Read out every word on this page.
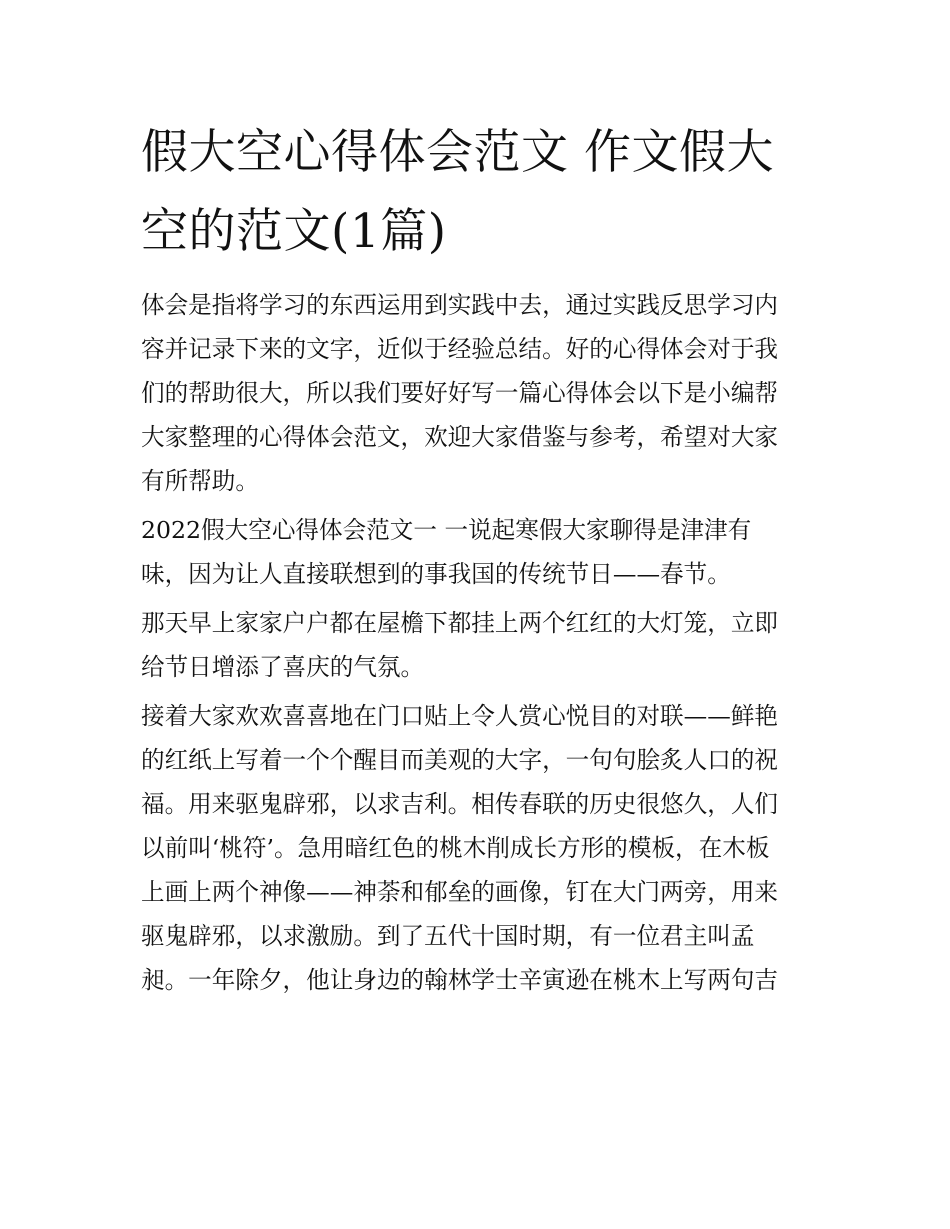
假大空心得体会范文 作文假大
空的范文(1篇)

体会是指将学习的东西运用到实践中去，通过实践反思学习内
容并记录下来的文字，近似于经验总结。好的心得体会对于我
们的帮助很大，所以我们要好好写一篇心得体会以下是小编帮
大家整理的心得体会范文，欢迎大家借鉴与参考，希望对大家
有所帮助。

2022假大空心得体会范文一 一说起寒假大家聊得是津津有
味，因为让人直接联想到的事我国的传统节日——春节。

那天早上家家户户都在屋檐下都挂上两个红红的大灯笼，立即
给节日增添了喜庆的气氛。

接着大家欢欢喜喜地在门口贴上令人赏心悦目的对联——鲜艳
的红纸上写着一个个醒目而美观的大字，一句句脍炙人口的祝
福。用来驱鬼辟邪，以求吉利。相传春联的历史很悠久，人们
以前叫‘桃符’。急用暗红色的桃木削成长方形的模板，在木板
上画上两个神像——神荼和郁垒的画像，钉在大门两旁，用来
驱鬼辟邪，以求激励。到了五代十国时期，有一位君主叫孟
昶。一年除夕，他让身边的翰林学士辛寅逊在桃木上写两句吉
